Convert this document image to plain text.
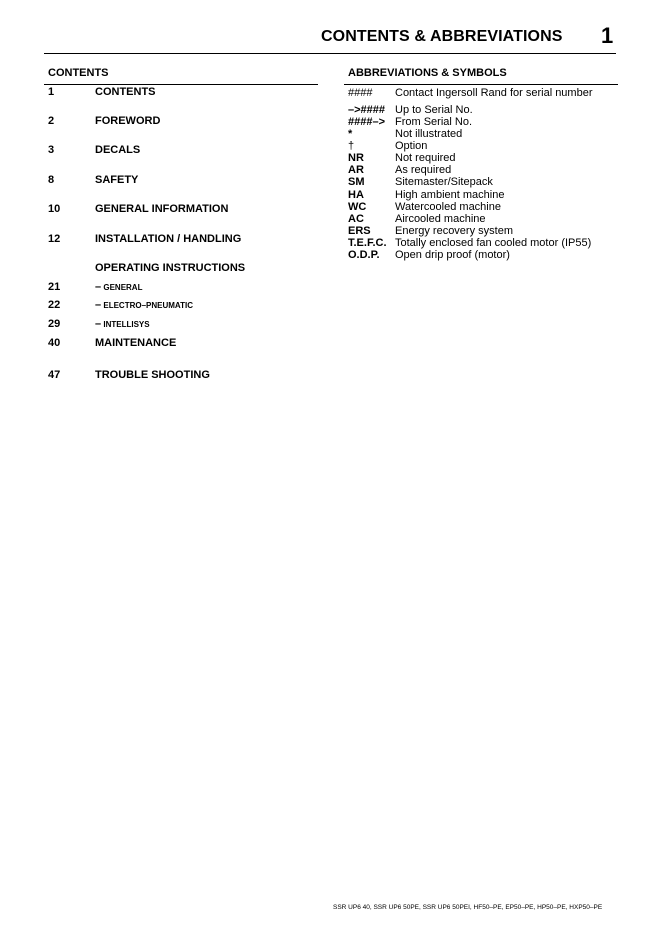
CONTENTS & ABBREVIATIONS 1
CONTENTS
1	CONTENTS
2	FOREWORD
3	DECALS
8	SAFETY
10	GENERAL INFORMATION
12	INSTALLATION / HANDLING
OPERATING INSTRUCTIONS
21	– GENERAL
22	– ELECTRO–PNEUMATIC
29	– INTELLISYS
40	MAINTENANCE
47	TROUBLE SHOOTING
ABBREVIATIONS & SYMBOLS
#### Contact Ingersoll Rand for serial number
–>#### Up to Serial No.
####–> From Serial No.
*	Not illustrated
†	Option
NR	Not required
AR	As required
SM	Sitemaster/Sitepack
HA	High ambient machine
WC	Watercooled machine
AC	Aircooled machine
ERS Energy recovery system
T.E.F.C. Totally enclosed fan cooled motor (IP55)
O.D.P. Open drip proof (motor)
SSR UP6 40, SSR UP6 50PE, SSR UP6 50PEI, HF50–PE, EP50–PE, HP50–PE, HXP50–PE
